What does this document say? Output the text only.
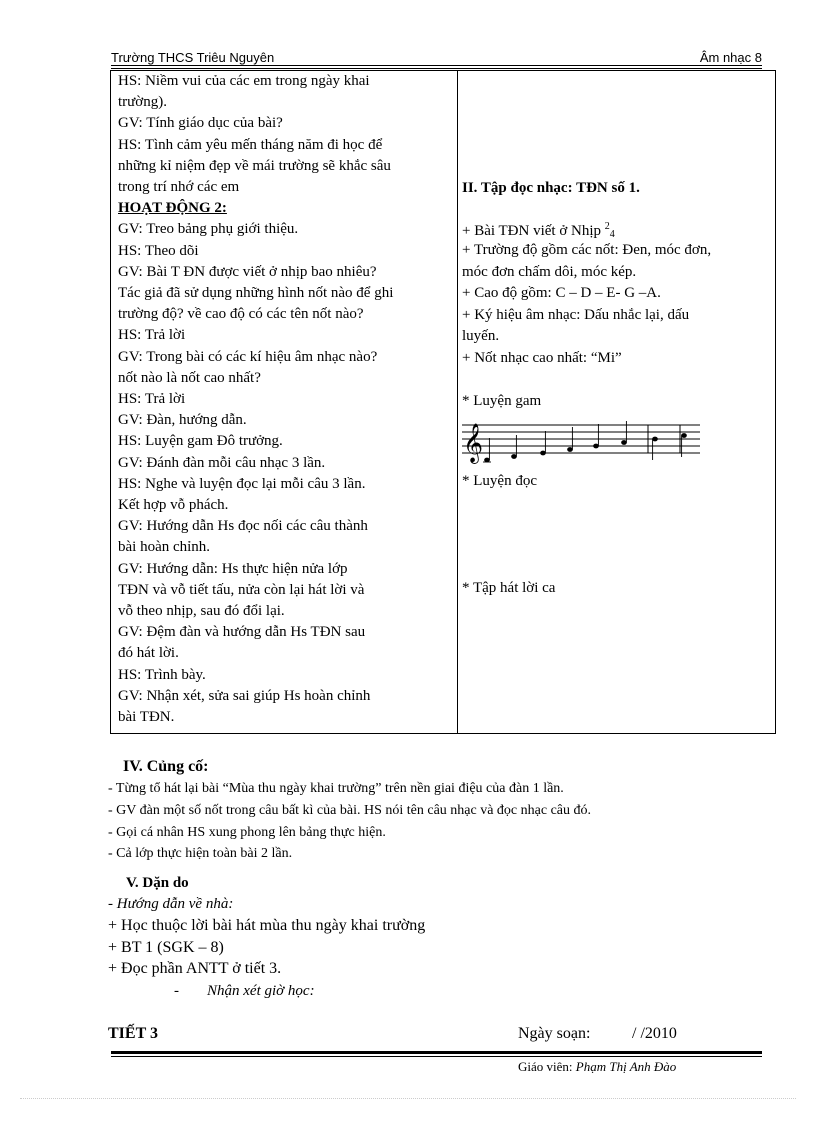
Trường THCS Triêu Nguyên	Âm nhạc 8
HS: Niềm vui của các em trong ngày khai
trường).
GV: Tính giáo dục của bài?
HS: Tình cảm yêu mến tháng năm đi học để
những kỉ niệm đẹp về mái trường sẽ khắc sâu
trong trí nhớ các em
HOẠT ĐỘNG 2:
GV: Treo bảng phụ giới thiệu.
HS: Theo dõi
GV: Bài T ĐN được viết ở nhịp bao nhiêu?
Tác giả đã sử dụng những hình nốt nào để ghi
trường độ? về cao độ có các tên nốt nào?
HS: Trả lời
GV: Trong bài có các kí hiệu âm nhạc nào?
nốt nào là nốt cao nhất?
HS: Trả lời
GV: Đàn, hướng dẫn.
HS: Luyện gam Đô trưởng.
GV: Đánh đàn mỗi câu nhạc 3 lần.
HS: Nghe và luyện đọc lại mỗi câu 3 lần.
Kết hợp vỗ phách.
GV: Hướng dẫn Hs đọc nối các câu thành
bài hoàn chỉnh.
GV: Hướng dẫn: Hs thực hiện nửa lớp
TĐN và vỗ tiết tấu, nửa còn lại hát lời và
vỗ theo nhịp, sau đó đổi lại.
GV: Đệm đàn và hướng dẫn Hs TĐN sau
đó hát lời.
HS: Trình bày.
GV: Nhận xét, sửa sai giúp Hs hoàn chỉnh
bài TĐN.
II. Tập đọc nhạc: TĐN số 1.
+ Bài TĐN viết ở Nhịp $^2_4$
+ Trường độ gồm các nốt: Đen, móc đơn,
móc đơn chấm dôi, móc kép.
+ Cao độ gồm: C – D – E- G –A.
+ Ký hiệu âm nhạc: Dấu nhắc lại, dấu
luyến.
+ Nốt nhạc cao nhất: “Mi”
* Luyện gam
𝄞
* Luyện đọc
* Tập hát lời ca
IV. Củng cố:
- Từng tổ hát lại bài “Mùa thu ngày khai trường” trên nền giai điệu của đàn 1 lần.
- GV đàn một số nốt trong câu bất kì của bài. HS nói tên câu nhạc và đọc nhạc câu đó.
- Gọi cá nhân HS xung phong lên bảng thực hiện.
- Cả lớp thực hiện toàn bài 2 lần.
V. Dặn do
- Hướng dẫn về nhà:
+ Học thuộc lời bài hát mùa thu ngày khai trường
+ BT 1 (SGK – 8)
+ Đọc phần ANTT ở tiết 3.
- Nhận xét giờ học:
TIẾT 3	Ngày soạn:	/ /2010
Giáo viên: Phạm Thị Anh Đào
